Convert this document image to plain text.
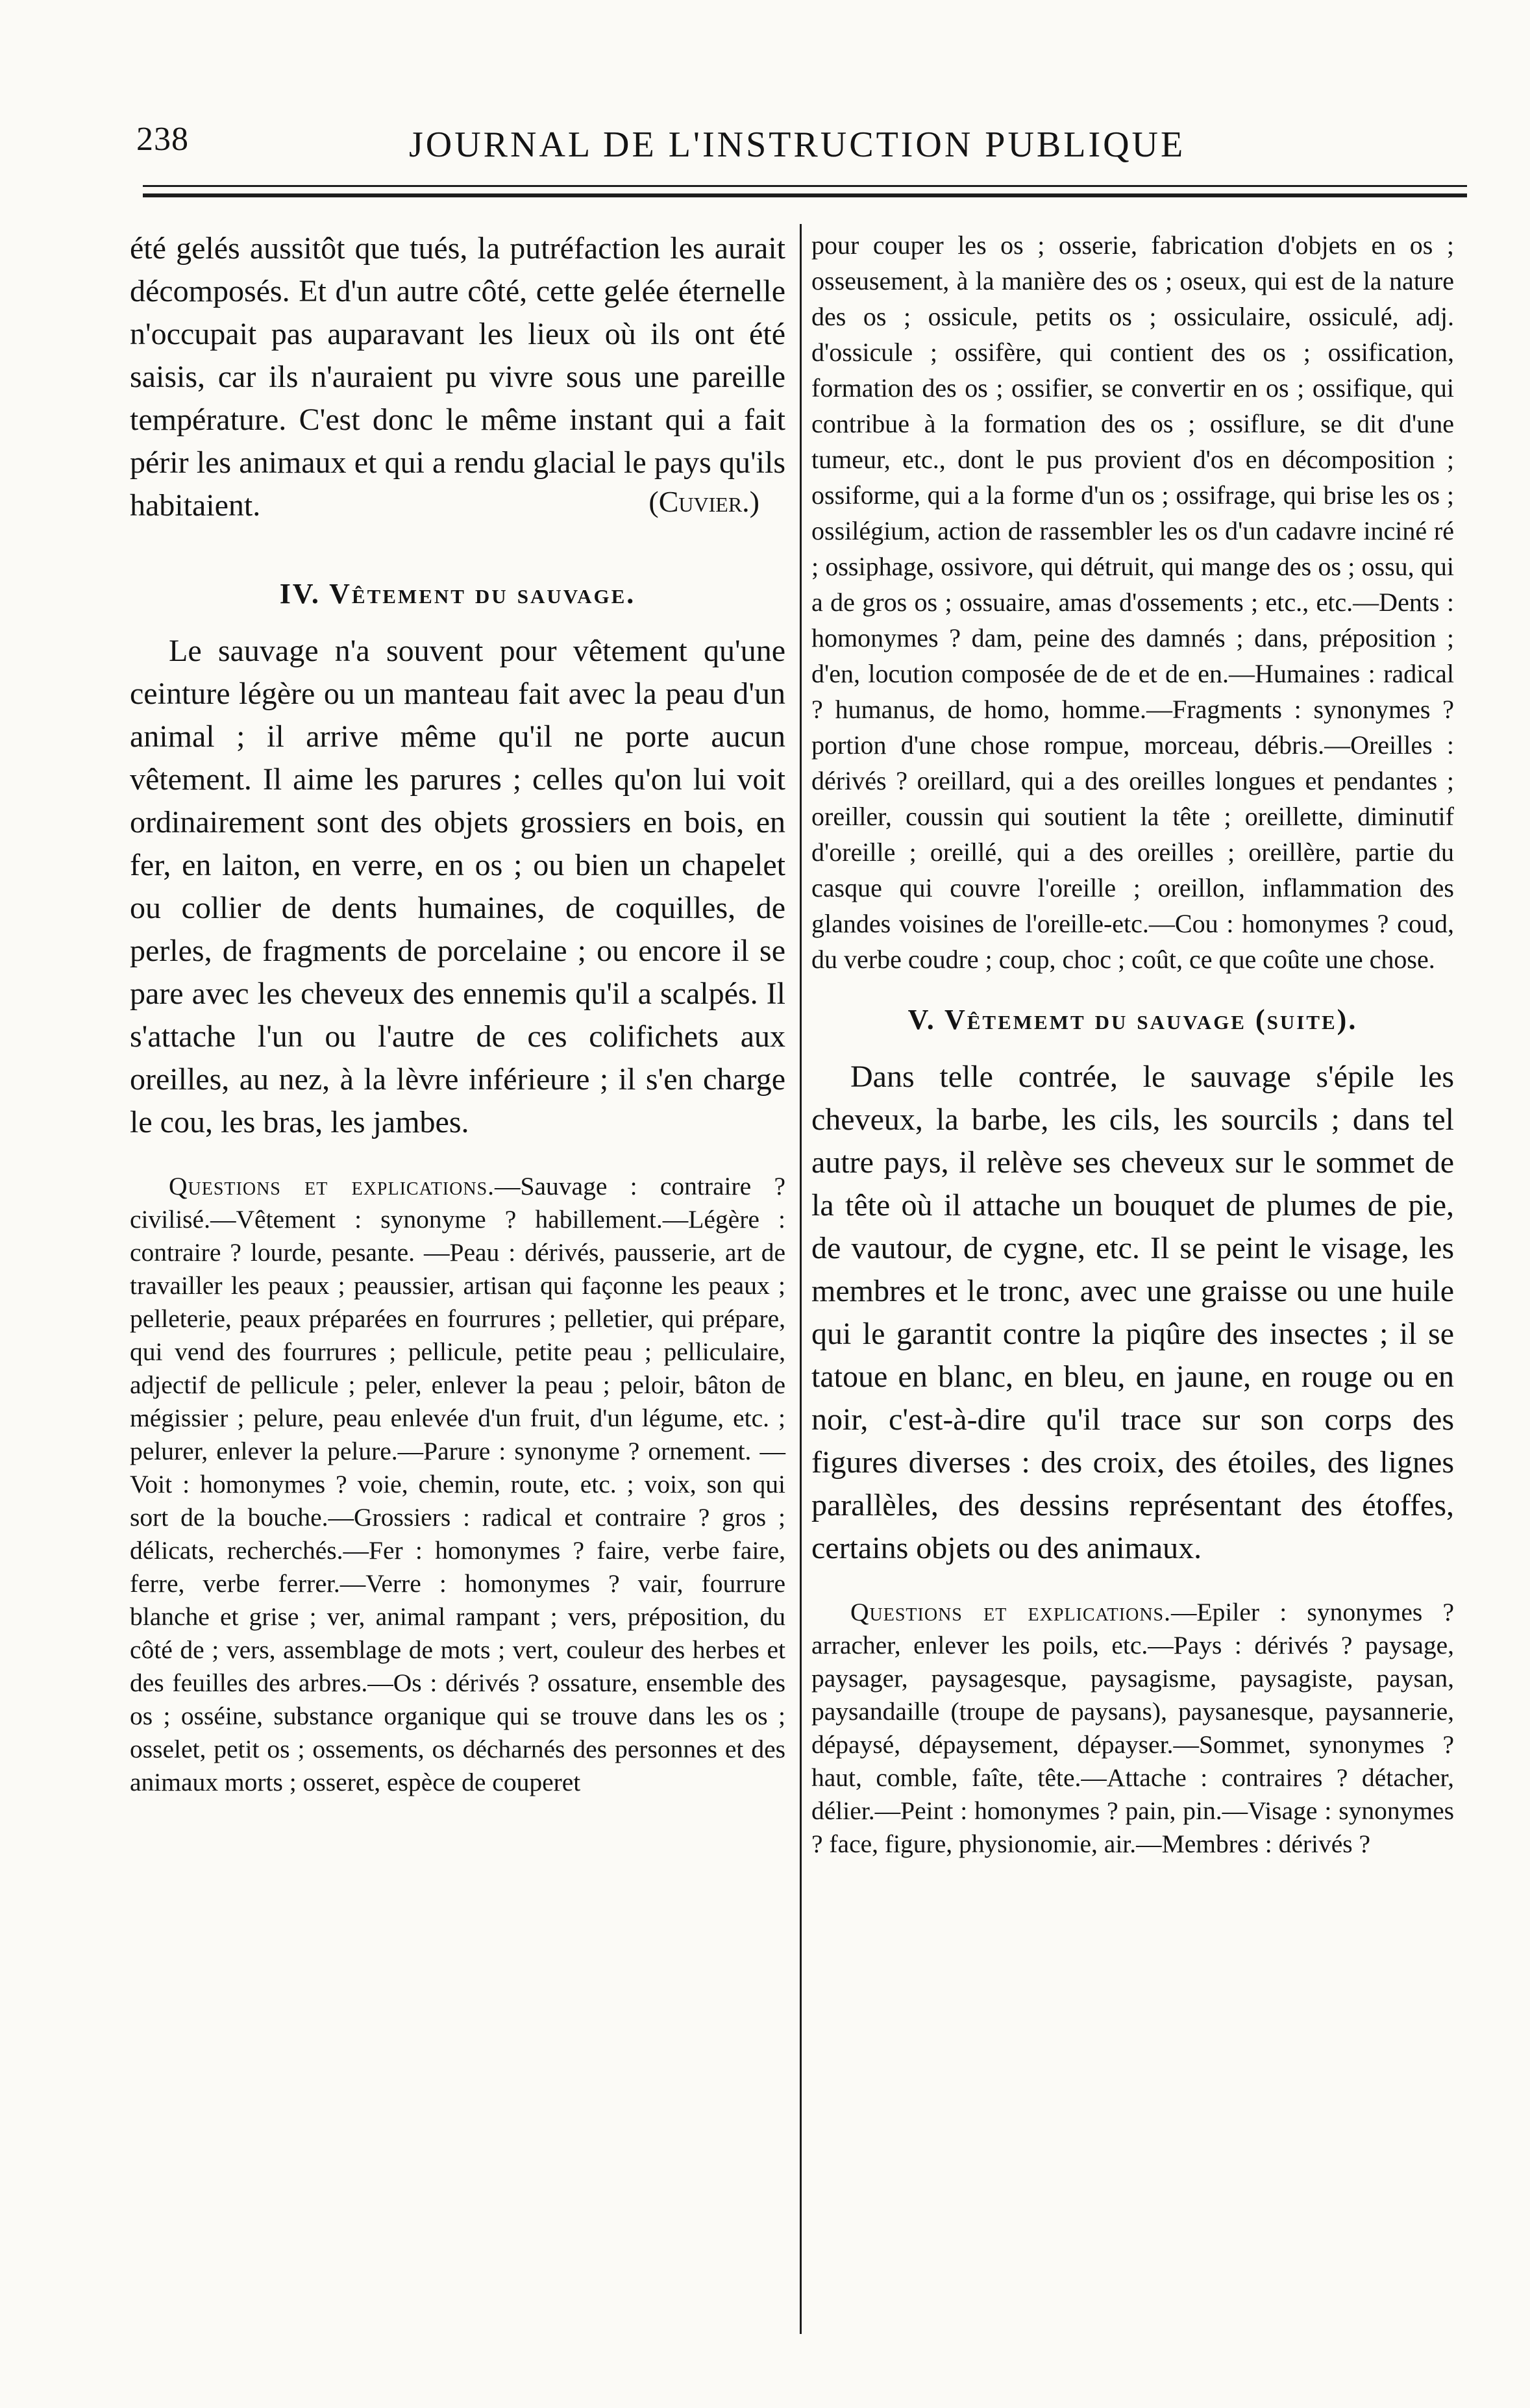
238	JOURNAL DE L'INSTRUCTION PUBLIQUE

été gelés aussitôt que tués, la putréfaction les aurait décomposés. Et d'un autre côté, cette gelée éternelle n'occupait pas auparavant les lieux où ils ont été saisis, car ils n'auraient pu vivre sous une pareille température. C'est donc le même instant qui a fait périr les animaux et qui a rendu glacial le pays qu'ils habitaient.	(Cuvier.)
IV. Vêtement du sauvage.

Le sauvage n'a souvent pour vêtement qu'une ceinture légère ou un manteau fait avec la peau d'un animal ; il arrive même qu'il ne porte aucun vêtement. Il aime les parures ; celles qu'on lui voit ordinairement sont des objets grossiers en bois, en fer, en laiton, en verre, en os ; ou bien un chapelet ou collier de dents humaines, de coquilles, de perles, de fragments de porcelaine ; ou encore il se pare avec les cheveux des ennemis qu'il a scalpés. Il s'attache l'un ou l'autre de ces colifichets aux oreilles, au nez, à la lèvre inférieure ; il s'en charge le cou, les bras, les jambes.

Questions et explications.—Sauvage : contraire ? civilisé.—Vêtement : synonyme ? habillement.—Légère : contraire ? lourde, pesante. —Peau : dérivés, pausserie, art de travailler les peaux ; peaussier, artisan qui façonne les peaux ; pelleterie, peaux préparées en fourrures ; pelletier, qui prépare, qui vend des fourrures ; pellicule, petite peau ; pelliculaire, adjectif de pellicule ; peler, enlever la peau ; peloir, bâton de mégissier ; pelure, peau enlevée d'un fruit, d'un légume, etc. ; pelurer, enlever la pelure.—Parure : synonyme ? ornement. —Voit : homonymes ? voie, chemin, route, etc. ; voix, son qui sort de la bouche.—Grossiers : radical et contraire ? gros ; délicats, recherchés.—Fer : homonymes ? faire, verbe faire, ferre, verbe ferrer.—Verre : homonymes ? vair, fourrure blanche et grise ; ver, animal rampant ; vers, préposition, du côté de ; vers, assemblage de mots ; vert, couleur des herbes et des feuilles des arbres.—Os : dérivés ? ossature, ensemble des os ; osséine, substance organique qui se trouve dans les os ; osselet, petit os ; ossements, os décharnés des personnes et des animaux morts ; osseret, espèce de couperet

pour couper les os ; osserie, fabrication d'objets en os ; osseusement, à la manière des os ; oseux, qui est de la nature des os ; ossicule, petits os ; ossiculaire, ossiculé, adj. d'ossicule ; ossifère, qui contient des os ; ossification, formation des os ; ossifier, se convertir en os ; ossifique, qui contribue à la formation des os ; ossiflure, se dit d'une tumeur, etc., dont le pus provient d'os en décomposition ; ossiforme, qui a la forme d'un os ; ossifrage, qui brise les os ; ossilégium, action de rassembler les os d'un cadavre inciné ré ; ossiphage, ossivore, qui détruit, qui mange des os ; ossu, qui a de gros os ; ossuaire, amas d'ossements ; etc., etc.—Dents : homonymes ? dam, peine des damnés ; dans, préposition ; d'en, locution composée de de et de en.—Humaines : radical ? humanus, de homo, homme.—Fragments : synonymes ? portion d'une chose rompue, morceau, débris.—Oreilles : dérivés ? oreillard, qui a des oreilles longues et pendantes ; oreiller, coussin qui soutient la tête ; oreillette, diminutif d'oreille ; oreillé, qui a des oreilles ; oreillère, partie du casque qui couvre l'oreille ; oreillon, inflammation des glandes voisines de l'oreille-etc.—Cou : homonymes ? coud, du verbe coudre ; coup, choc ; coût, ce que coûte une chose.

V. Vêtememt du sauvage (suite).

Dans telle contrée, le sauvage s'épile les cheveux, la barbe, les cils, les sourcils ; dans tel autre pays, il relève ses cheveux sur le sommet de la tête où il attache un bouquet de plumes de pie, de vautour, de cygne, etc. Il se peint le visage, les membres et le tronc, avec une graisse ou une huile qui le garantit contre la piqûre des insectes ; il se tatoue en blanc, en bleu, en jaune, en rouge ou en noir, c'est-à-dire qu'il trace sur son corps des figures diverses : des croix, des étoiles, des lignes parallèles, des dessins représentant des étoffes, certains objets ou des animaux.

Questions et explications.—Epiler : synonymes ? arracher, enlever les poils, etc.—Pays : dérivés ? paysage, paysager, paysagesque, paysagisme, paysagiste, paysan, paysandaille (troupe de paysans), paysanesque, paysannerie, dépaysé, dépaysement, dépayser.—Sommet, synonymes ? haut, comble, faîte, tête.—Attache : contraires ? détacher, délier.—Peint : homonymes ? pain, pin.—Visage : synonymes ? face, figure, physionomie, air.—Membres : dérivés ?
